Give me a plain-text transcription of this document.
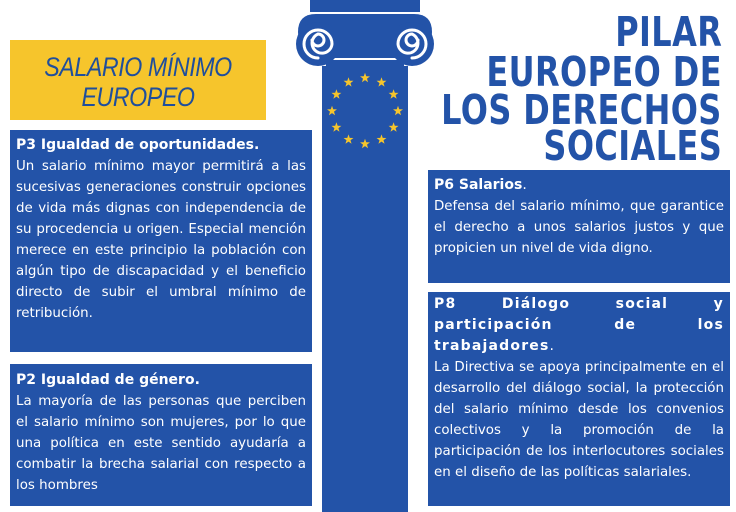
SALARIO MÍNIMO
EUROPEO
PILAR
EUROPEO DE
LOS DERECHOS
SOCIALES
P3 Igualdad de oportunidades.
Un salario mínimo mayor permitirá a las sucesivas generaciones construir opciones de vida más dignas con independencia de su procedencia u origen. Especial mención merece en este principio la población con algún tipo de discapacidad y el beneficio directo de subir el umbral mínimo de retribución.
P2 Igualdad de género.
La mayoría de las personas que perciben el salario mínimo son mujeres, por lo que una política en este sentido ayudaría a combatir la brecha salarial con respecto a los hombres
P6 Salarios.
Defensa del salario mínimo, que garantice el derecho a unos salarios justos y que propicien un nivel de vida digno.
P8 Diálogo social y participación de los trabajadores.
La Directiva se apoya principalmente en el desarrollo del diálogo social, la protección del salario mínimo desde los convenios colectivos y la promoción de la participación de los interlocutores sociales en el diseño de las políticas salariales.
